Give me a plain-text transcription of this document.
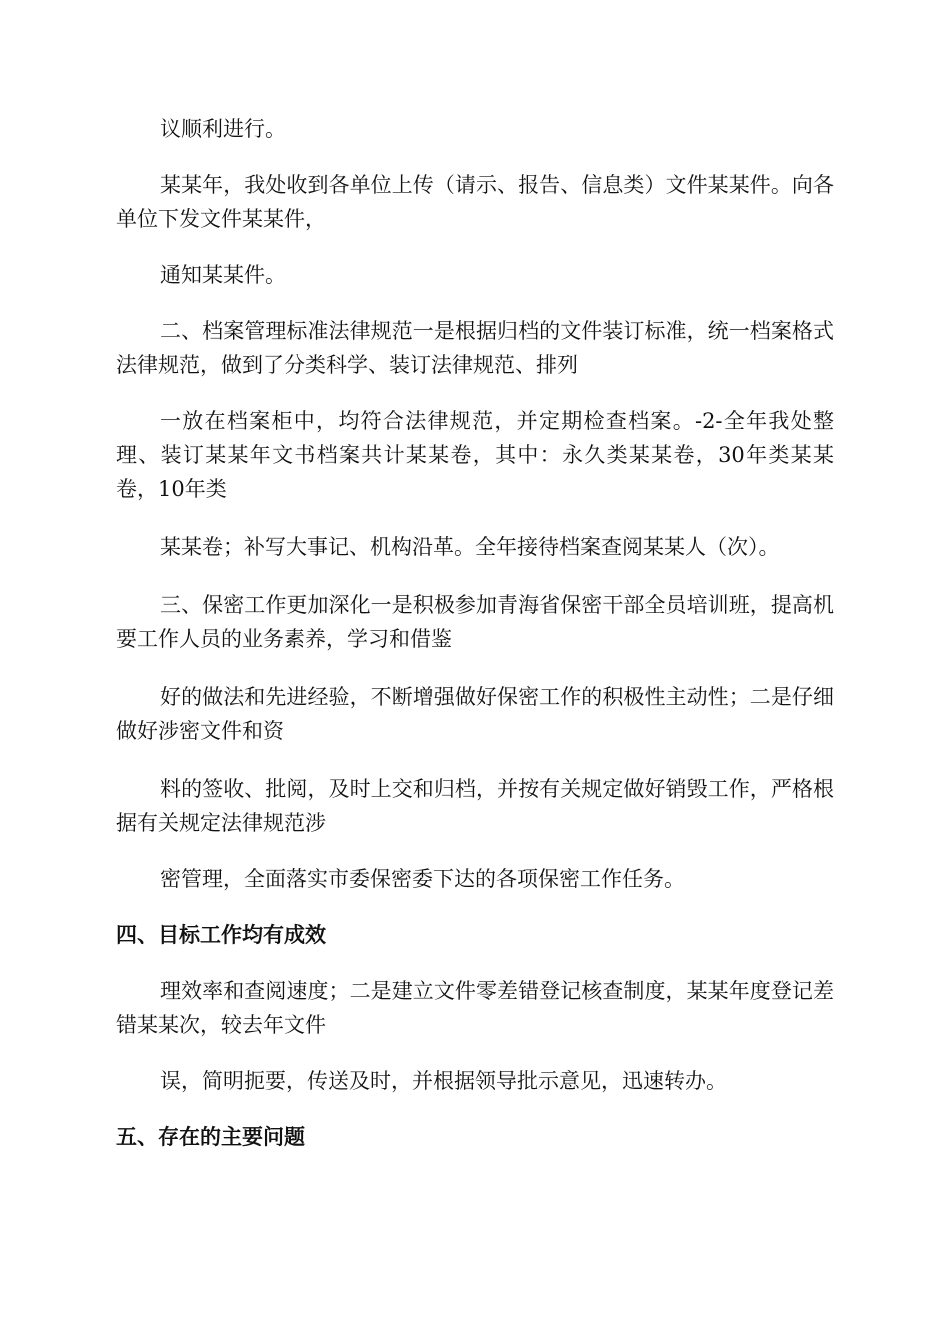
议顺利进行。

某某年，我处收到各单位上传（请示、报告、信息类）文件某某件。向各单位下发文件某某件，

通知某某件。

二、档案管理标准法律规范一是根据归档的文件装订标准，统一档案格式法律规范，做到了分类科学、装订法律规范、排列

一放在档案柜中，均符合法律规范，并定期检查档案。-2-全年我处整理、装订某某年文书档案共计某某卷，其中：永久类某某卷，30年类某某卷，10年类

某某卷；补写大事记、机构沿革。全年接待档案查阅某某人（次）。

三、保密工作更加深化一是积极参加青海省保密干部全员培训班，提高机要工作人员的业务素养，学习和借鉴

好的做法和先进经验，不断增强做好保密工作的积极性主动性；二是仔细做好涉密文件和资

料的签收、批阅，及时上交和归档，并按有关规定做好销毁工作，严格根据有关规定法律规范涉

密管理，全面落实市委保密委下达的各项保密工作任务。

四、目标工作均有成效

理效率和查阅速度；二是建立文件零差错登记核查制度，某某年度登记差错某某次，较去年文件

误，简明扼要，传送及时，并根据领导批示意见，迅速转办。

五、存在的主要问题
